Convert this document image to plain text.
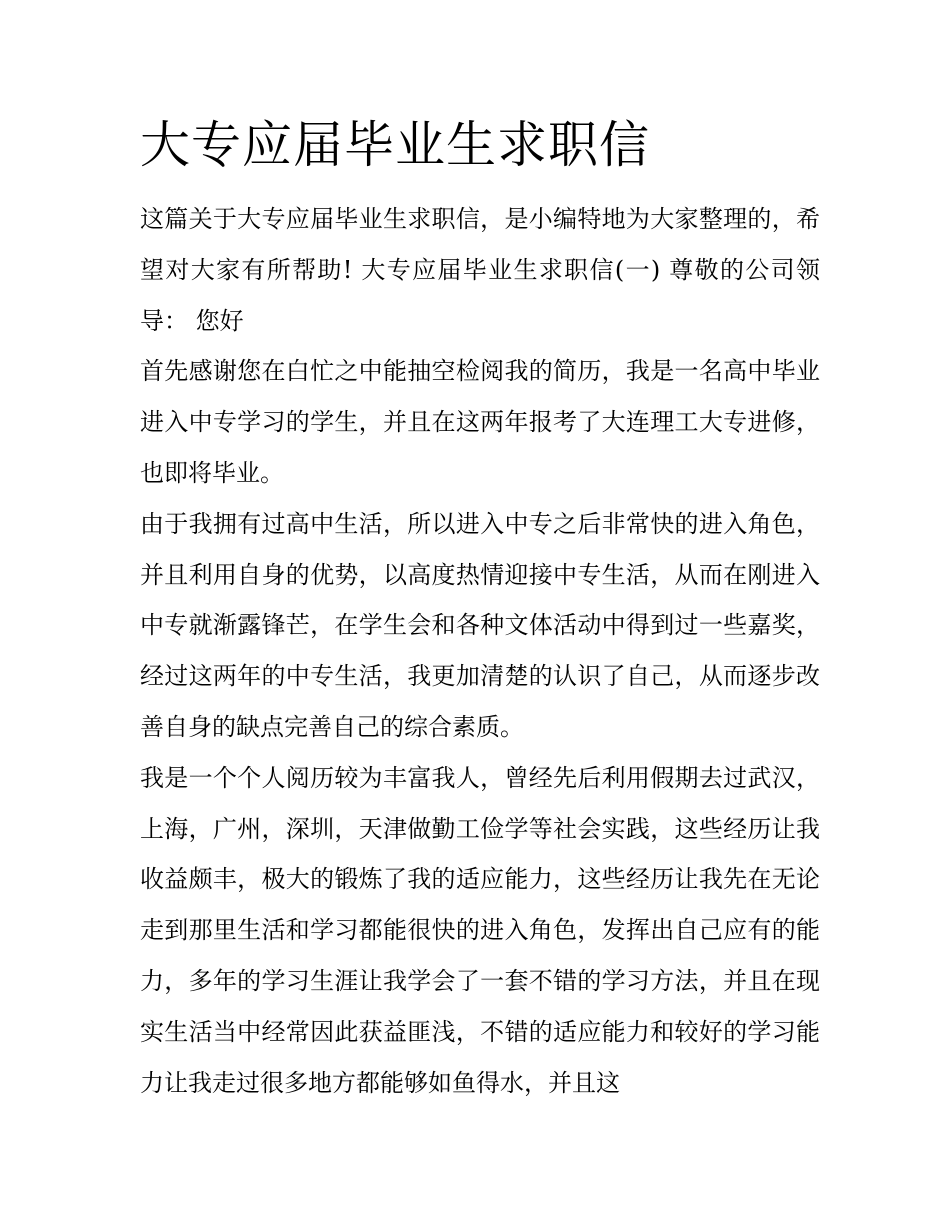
大专应届毕业生求职信

这篇关于大专应届毕业生求职信，是小编特地为大家整理的，希望对大家有所帮助! 大专应届毕业生求职信(一) 尊敬的公司领导： 您好

首先感谢您在白忙之中能抽空检阅我的简历，我是一名高中毕业进入中专学习的学生，并且在这两年报考了大连理工大专进修，也即将毕业。

由于我拥有过高中生活，所以进入中专之后非常快的进入角色，并且利用自身的优势，以高度热情迎接中专生活，从而在刚进入中专就渐露锋芒，在学生会和各种文体活动中得到过一些嘉奖，经过这两年的中专生活，我更加清楚的认识了自己，从而逐步改善自身的缺点完善自己的综合素质。

我是一个个人阅历较为丰富我人，曾经先后利用假期去过武汉，上海，广州，深圳，天津做勤工俭学等社会实践，这些经历让我收益颇丰，极大的锻炼了我的适应能力，这些经历让我先在无论走到那里生活和学习都能很快的进入角色，发挥出自己应有的能力，多年的学习生涯让我学会了一套不错的学习方法，并且在现实生活当中经常因此获益匪浅，不错的适应能力和较好的学习能力让我走过很多地方都能够如鱼得水，并且这
